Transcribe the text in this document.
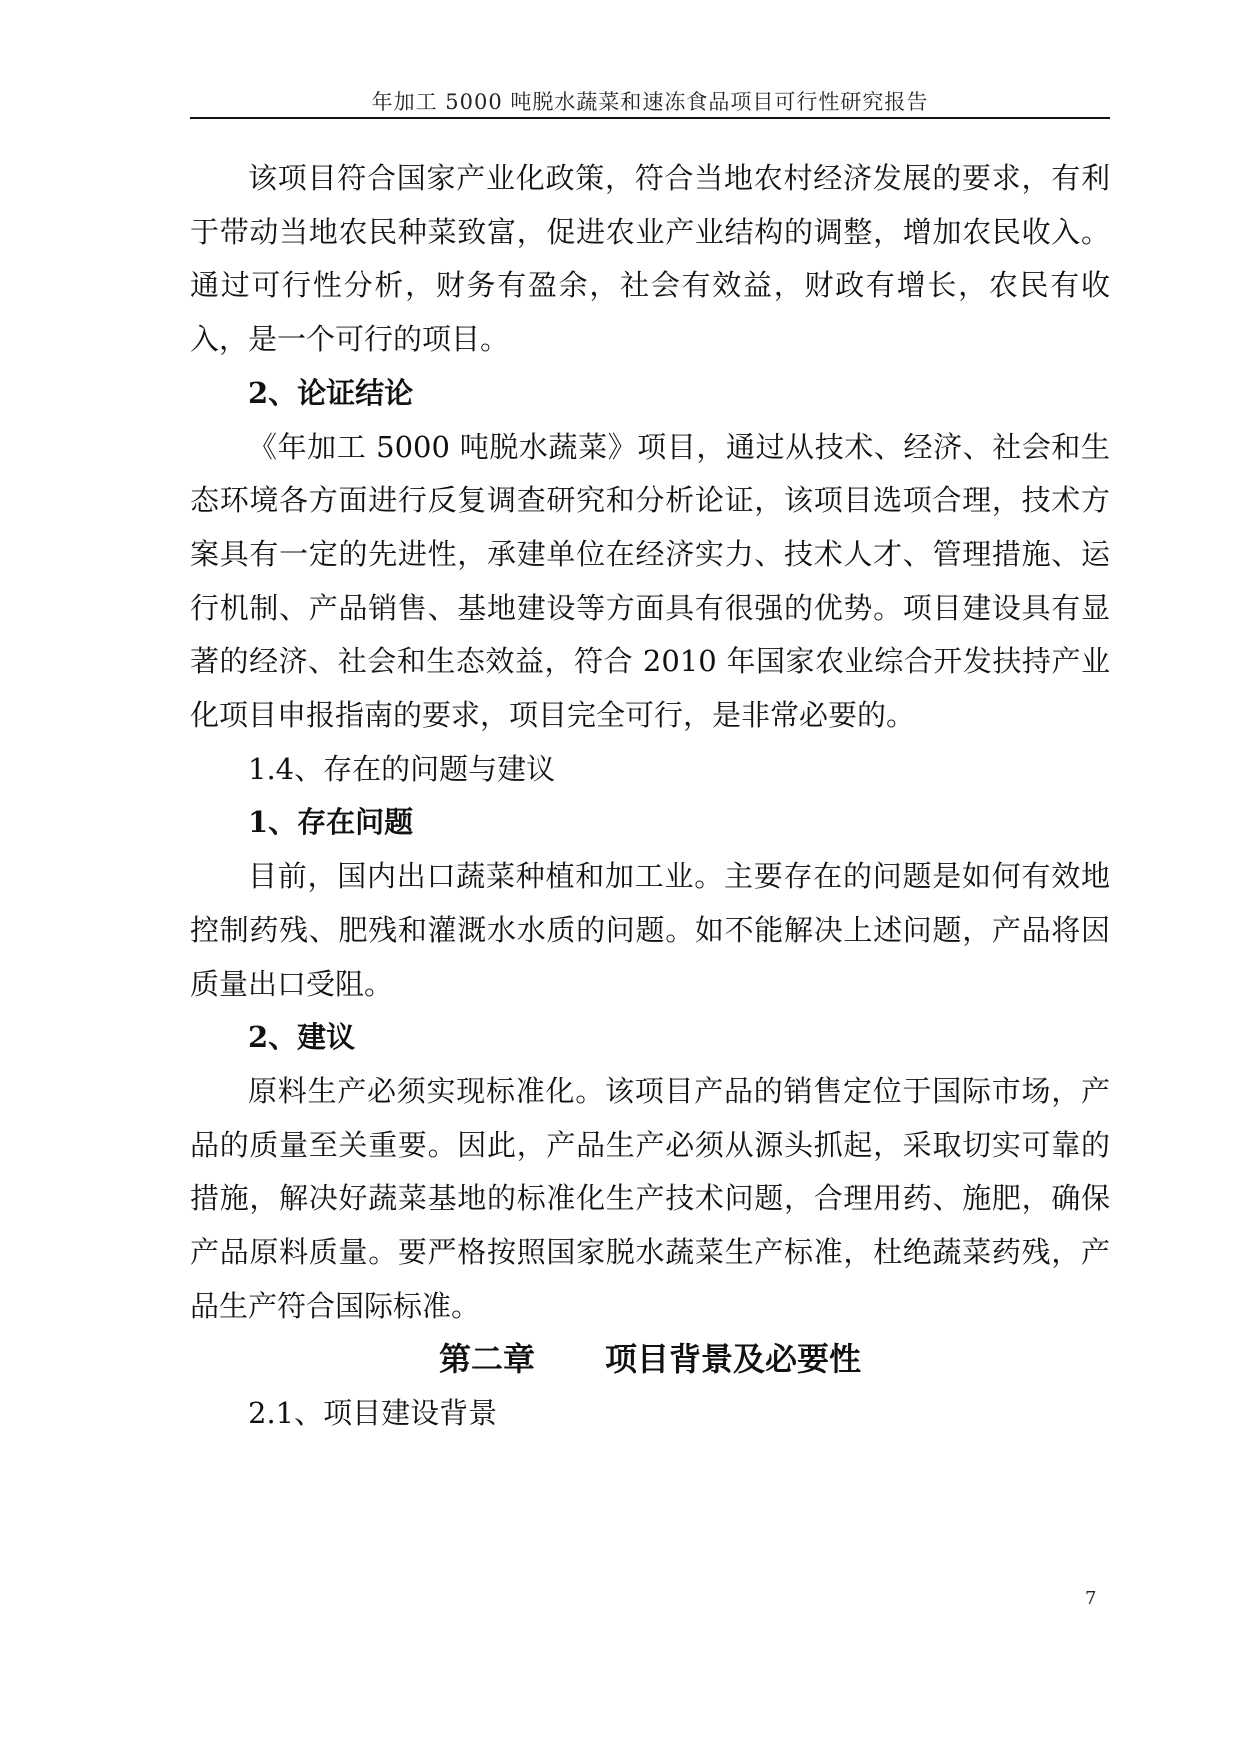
年加工 5000 吨脱水蔬菜和速冻食品项目可行性研究报告

该项目符合国家产业化政策，符合当地农村经济发展的要求，有利于带动当地农民种菜致富，促进农业产业结构的调整，增加农民收入。通过可行性分析，财务有盈余，社会有效益，财政有增长，农民有收入，是一个可行的项目。

2、论证结论

《年加工 5000 吨脱水蔬菜》项目，通过从技术、经济、社会和生态环境各方面进行反复调查研究和分析论证，该项目选项合理，技术方案具有一定的先进性，承建单位在经济实力、技术人才、管理措施、运行机制、产品销售、基地建设等方面具有很强的优势。项目建设具有显著的经济、社会和生态效益，符合 2010 年国家农业综合开发扶持产业化项目申报指南的要求，项目完全可行，是非常必要的。

1.4、存在的问题与建议

1、存在问题

目前，国内出口蔬菜种植和加工业。主要存在的问题是如何有效地控制药残、肥残和灌溉水水质的问题。如不能解决上述问题，产品将因质量出口受阻。

2、建议

原料生产必须实现标准化。该项目产品的销售定位于国际市场，产品的质量至关重要。因此，产品生产必须从源头抓起，采取切实可靠的措施，解决好蔬菜基地的标准化生产技术问题，合理用药、施肥，确保产品原料质量。要严格按照国家脱水蔬菜生产标准，杜绝蔬菜药残，产品生产符合国际标准。

第二章 项目背景及必要性

2.1、项目建设背景

7
